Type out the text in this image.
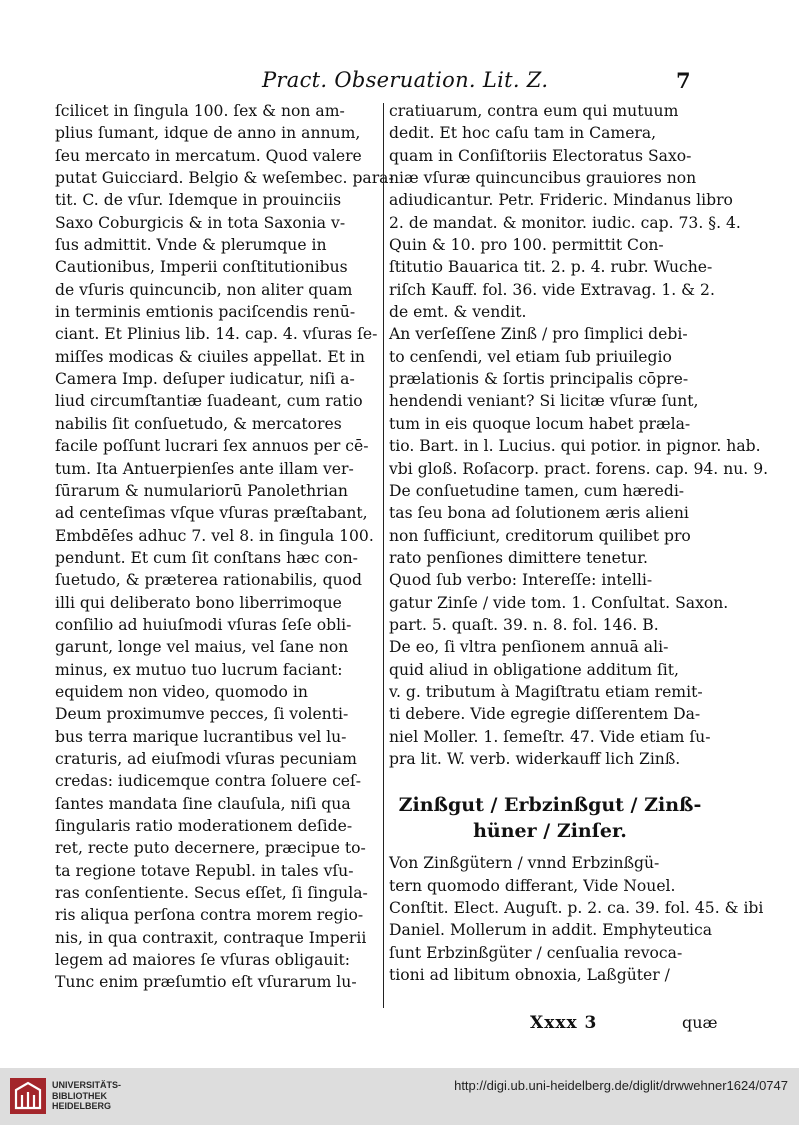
Pract. Obseruation. Lit. Z.	7
ſcilicet in ſingula 100. ſex & non am-
plius ſumant, idque de anno in annum,
ſeu mercato in mercatum. Quod valere
putat Guicciard. Belgio & weſembec. para-
tit. C. de vſur. Idemque in prouinciis
Saxo Coburgicis & in tota Saxonia v-
ſus admittit. Vnde & plerumque in
Cautionibus, Imperii conſtitutionibus
de vſuris quincuncib, non aliter quam
in terminis emtionis paciſcendis renū-
ciant. Et Plinius lib. 14. cap. 4. vſuras ſe-
miſſes modicas & ciuiles appellat. Et in
Camera Imp. deſuper iudicatur, niſi a-
liud circumſtantiæ ſuadeant, cum ratio
nabilis ſit conſuetudo, & mercatores
facile poſſunt lucrari ſex annuos per cē-
tum. Ita Antuerpienſes ante illam ver-
ſūrarum & numulariorū Panolethrian
ad centeſimas vſque vſuras præſtabant,
Embdēſes adhuc 7. vel 8. in ſingula 100.
pendunt. Et cum ſit conſtans hæc con-
ſuetudo, & prætereа rationabilis, quod
illi qui deliberato bono liberrimoque
conſilio ad huiuſmodi vſuras ſeſe obli-
garunt, longe vel maius, vel ſane non
minus, ex mutuo tuo lucrum faciant:
equidem non video, quomodo in
Deum proximumve pecces, ſi volenti-
bus terra marique lucrantibus vel lu-
craturis, ad eiuſmodi vſuras pecuniam
credas: iudicemque contra ſoluere ceſ-
ſantes mandata ſine clauſula, niſi qua
ſingularis ratio moderationem deſide-
ret, recte puto decernere, præcipue to-
ta regione totave Republ. in tales vſu-
ras conſentiente. Secus eſſet, ſi ſingula-
ris aliqua perſona contra morem regio-
nis, in qua contraxit, contraque Imperii
legem ad maiores ſe vſuras obligauit:
Tunc enim præſumtio eſt vſurarum lu-
cratiuarum, contra eum qui mutuum
dedit. Et hoc caſu tam in Camera,
quam in Conſiſtoriis Electoratus Saxo-
niæ vſuræ quincuncibus grauiores non
adiudicantur. Petr. Frideric. Mindanus libro
2. de mandat. & monitor. iudic. cap. 73. §. 4.
Quin & 10. pro 100. permittit Con-
ſtitutio Bauarica tit. 2. p. 4. rubr. Wuche-
riſch Kauff. fol. 36. vide Extravag. 1. & 2.
de emt. & vendit.
An verſeſſene Zinß / pro ſimplici debi-
to cenſendi, vel etiam ſub priuilegio
prælationis & ſortis principalis cōpre-
hendendi veniant? Si licitæ vſuræ ſunt,
tum in eis quoque locum habet præla-
tio. Bart. in l. Lucius. qui potior. in pignor. hab.
vbi gloß. Roſacorp. pract. forens. cap. 94. nu. 9.
De conſuetudine tamen, cum hæredi-
tas ſeu bona ad ſolutionem æris alieni
non ſufficiunt, creditorum quilibet pro
rato penſiones dimittere tenetur.
Quod ſub verbo: Intereſſe: intelli-
gatur Zinſe / vide tom. 1. Conſultat. Saxon.
part. 5. quaſt. 39. n. 8. fol. 146. B.
De eo, ſi vltra penſionem annuā ali-
quid aliud in obligatione additum ſit,
v. g. tributum à Magiſtratu etiam remit-
ti debere. Vide egregie diſſerentem Da-
niel Moller. 1. ſemeſtr. 47. Vide etiam ſu-
pra lit. W. verb. widerkauff lich Zinß.
Zinßgut / Erbzinßgut / Zinß-
hüner / Zinſer.
Von Zinßgütern / vnnd Erbzinßgü-
tern quomodo differant, Vide Nouel.
Conſtit. Elect. Auguſt. p. 2. ca. 39. fol. 45. & ibi
Daniel. Mollerum in addit. Emphyteutica
ſunt Erbzinßgüter / cenſualia revoca-
tioni ad libitum obnoxia, Laßgüter /
Xxxx 3	quæ
UNIVERSITÄTS-
BIBLIOTHEK
HEIDELBERG
http://digi.ub.uni-heidelberg.de/diglit/drwwehner1624/0747
